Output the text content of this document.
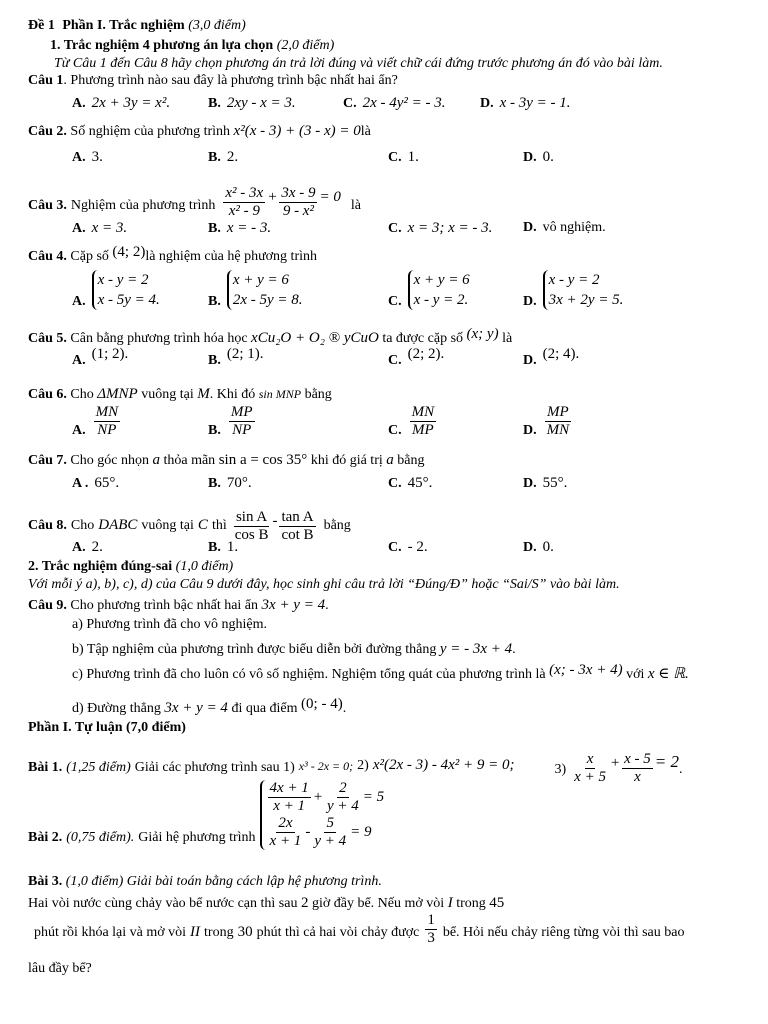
Đề 1 Phần I. Trắc nghiệm (3,0 điểm)
1. Trắc nghiệm 4 phương án lựa chọn (2,0 điểm)
Từ Câu 1 đến Câu 8 hãy chọn phương án trả lời đúng và viết chữ cái đứng trước phương án đó vào bài làm.
Câu 1. Phương trình nào sau đây là phương trình bậc nhất hai ẩn?
A. 2x + 3y = x².	B. 2xy - x = 3.	C. 2x - 4y² = - 3. D. x - 3y = - 1.
Câu 2. Số nghiệm của phương trình x²(x - 3) + (3 - x) = 0là
A. 3.	B. 2.	C. 1.	D. 0.
Câu 3. Nghiệm của phương trình $\frac{\text{x² - 3x}}{\text{x² - 9}} + \frac{3x - 9}{\text{9 - x²}} = 0$
là
A. x = 3.	B. x = - 3.	C. x = 3; x = - 3. D. vô nghiệm.
Câu 4. Cặp số (4; 2)là nghiệm của hệ phương trình
A.
x - y = 2
x - 5y = 4.	B.
x + y = 6
2x - 5y = 8.	C.
x + y = 6
x - y = 2.	D.
x - y = 2
3x + 2y = 5.
Câu 5. Cân bằng phương trình hóa học xCu₂O + O₂ ® yCuO ta được cặp số (x; y) là
A. (1; 2).	B. (2; 1).	C. (2; 2).	D. (2; 4).
Câu 6. Cho ΔMNP vuông tại M. Khi đó sin MNP bằng
A. $\frac{MN}{NP}$	B. $\frac{MP}{NP}$	C. $\frac{MN}{MP}$	D. $\frac{MP}{MN}$
Câu 7. Cho góc nhọn a thỏa mãn sin a = cos 35° khi đó giá trị a bằng
A . 65°.	B. 70°.	C. 45°.	D. 55°.
Câu 8. Cho DABC vuông tại C thì $\frac{\text{sin A}}{\text{cos B}} - \frac{\text{tan A}}{\text{cot B}}$ bằng
A. 2.	B. 1.	C. - 2.	D. 0.
2. Trắc nghiệm đúng-sai (1,0 điểm)
Với mỗi ý a), b), c), d) của Câu 9 dưới đây, học sinh ghi câu trả lời “Đúng/Đ” hoặc “Sai/S” vào bài làm.
Câu 9. Cho phương trình bậc nhất hai ẩn 3x + y = 4.
a) Phương trình đã cho vô nghiệm.
b) Tập nghiệm của phương trình được biểu diễn bởi đường thẳng y = - 3x + 4.
c) Phương trình đã cho luôn có vô số nghiệm. Nghiệm tổng quát của phương trình là (x; - 3x + 4) với x ∈ ℝ.
d) Đường thẳng 3x + y = 4 đi qua điểm (0; - 4).
Phần I. Tự luận (7,0 điểm)
Bài 1. (1,25 điểm) Giải các phương trình sau 1) x³ - 2x = 0; 2) x²(2x - 3) - 4x² + 9 = 0;	$3) \frac{x}{x + 5} + \frac{x - 5}{x} = 2$ .
Bài 2. (0,75 điểm). Giải hệ phương trình
$\frac{4x + 1}{x + 1} + \frac{2}{y + 4} = 5$
$\frac{2x}{x + 1} - \frac{5}{y + 4} = 9$
Bài 3. (1,0 điểm) Giải bài toán bằng cách lập hệ phương trình.
Hai vòi nước cùng chảy vào bể nước cạn thì sau 2 giờ đầy bể. Nếu mở vòi I trong 45
phút rồi khóa lại và mở vòi II trong 30 phút thì cả hai vòi chảy được $\frac{1}{3}$ bể. Hỏi nếu chảy riêng từng vòi thì sau bao
lâu đầy bể?
